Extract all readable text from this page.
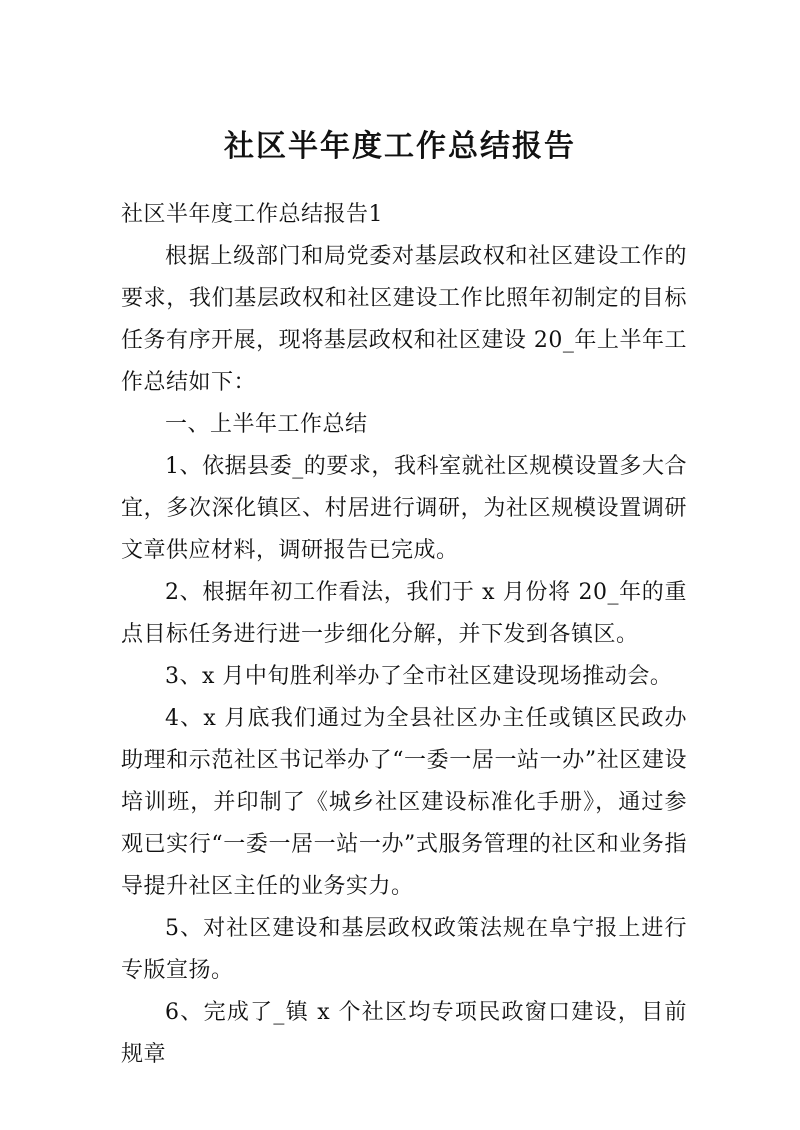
社区半年度工作总结报告

社区半年度工作总结报告1

根据上级部门和局党委对基层政权和社区建设工作的要求，我们基层政权和社区建设工作比照年初制定的目标任务有序开展，现将基层政权和社区建设 20_年上半年工作总结如下：

一、上半年工作总结

1、依据县委_的要求，我科室就社区规模设置多大合宜，多次深化镇区、村居进行调研，为社区规模设置调研文章供应材料，调研报告已完成。

2、根据年初工作看法，我们于 x 月份将 20_年的重点目标任务进行进一步细化分解，并下发到各镇区。

3、x 月中旬胜利举办了全市社区建设现场推动会。

4、x 月底我们通过为全县社区办主任或镇区民政办助理和示范社区书记举办了“一委一居一站一办”社区建设培训班，并印制了《城乡社区建设标准化手册》，通过参观已实行“一委一居一站一办”式服务管理的社区和业务指导提升社区主任的业务实力。

5、对社区建设和基层政权政策法规在阜宁报上进行专版宣扬。

6、完成了_镇 x 个社区均专项民政窗口建设，目前规章
